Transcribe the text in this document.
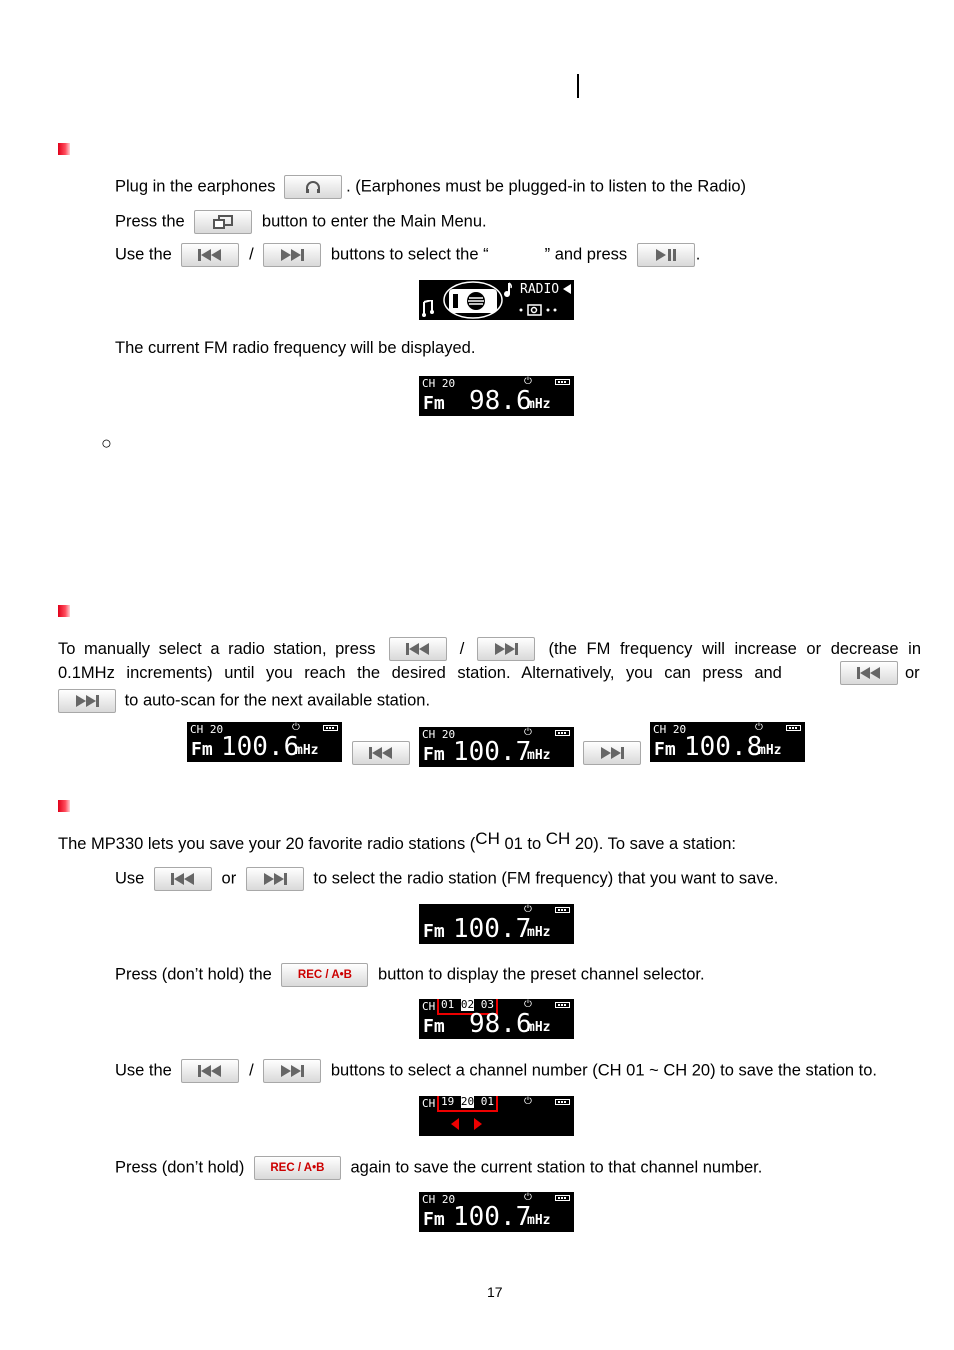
Plug in the earphones	. (Earphones must be plugged-in to listen to the Radio)
Press the	button to enter the Main Menu.
Use the	/	buttons to select the “	” and press	.
RADIO
The current FM radio frequency will be displayed.
CH 20	⏻
Fm 98.6
mHz
○
To manually select a radio station, press	/	(the FM frequency will increase or decrease in
0.1MHz increments) until you reach the desired station. Alternatively, you can press and	or
to auto-scan for the next available station.
CH 20	⏻
Fm 100.6
mHz
CH 20	⏻
Fm 100.7
mHz
CH 20	⏻
Fm 100.8
mHz
The MP330 lets you save your 20 favorite radio stations (CH 01 to CH 20). To save a station:
Use	or	to select the radio station (FM frequency) that you want to save.
⏻
Fm 100.7
mHz
Press (don’t hold) the	REC / A•B	button to display the preset channel selector.
CH 01 02 03	⏻
Fm 98.6
mHz
Use the	/	buttons to select a channel number (CH 01 ~ CH 20) to save the station to.
CH 19 20 01	⏻
Press (don’t hold)	REC / A•B	again to save the current station to that channel number.
CH 20	⏻
Fm 100.7
mHz
17
